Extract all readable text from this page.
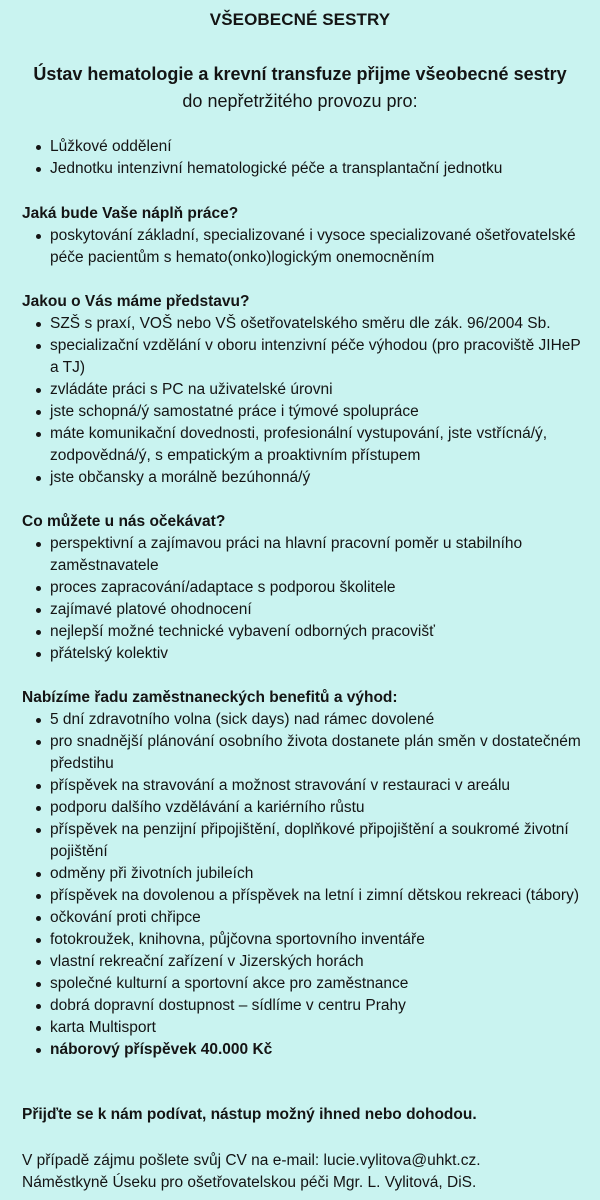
VŠEOBECNÉ SESTRY
Ústav hematologie a krevní transfuze přijme všeobecné sestry do nepřetržitého provozu pro:
Lůžkové oddělení
Jednotku intenzivní hematologické péče a transplantační jednotku
Jaká bude Vaše náplň práce?
poskytování základní, specializované i vysoce specializované ošetřovatelské péče pacientům s hemato(onko)logickým onemocněním
Jakou o Vás máme představu?
SZŠ s praxí, VOŠ nebo VŠ ošetřovatelského směru dle zák. 96/2004 Sb.
specializační vzdělání v oboru intenzivní péče výhodou (pro pracoviště JIHeP a TJ)
zvládáte práci s PC na uživatelské úrovni
jste schopná/ý samostatné práce i týmové spolupráce
máte komunikační dovednosti, profesionální vystupování, jste vstřícná/ý, zodpovědná/ý, s empatickým a proaktivním přístupem
jste občansky a morálně bezúhonná/ý
Co můžete u nás očekávat?
perspektivní a zajímavou práci na hlavní pracovní poměr u stabilního zaměstnavatele
proces zapracování/adaptace s podporou školitele
zajímavé platové ohodnocení
nejlepší možné technické vybavení odborných pracovišť
přátelský kolektiv
Nabízíme řadu zaměstnaneckých benefitů a výhod:
5 dní zdravotního volna (sick days) nad rámec dovolené
pro snadnější plánování osobního života dostanete plán směn v dostatečném předstihu
příspěvek na stravování a možnost stravování v restauraci v areálu
podporu dalšího vzdělávání a kariérního růstu
příspěvek na penzijní připojištění, doplňkové připojištění a soukromé životní pojištění
odměny při životních jubileích
příspěvek na dovolenou a příspěvek na letní i zimní dětskou rekreaci (tábory)
očkování proti chřipce
fotokroužek, knihovna, půjčovna sportovního inventáře
vlastní rekreační zařízení v Jizerských horách
společné kulturní a sportovní akce pro zaměstnance
dobrá dopravní dostupnost – sídlíme v centru Prahy
karta Multisport
náborový příspěvek 40.000 Kč
Přijďte se k nám podívat, nástup možný ihned nebo dohodou.
V případě zájmu pošlete svůj CV na e-mail: lucie.vylitova@uhkt.cz.
Náměstkyně Úseku pro ošetřovatelskou péči Mgr. L. Vylitová, DiS.
